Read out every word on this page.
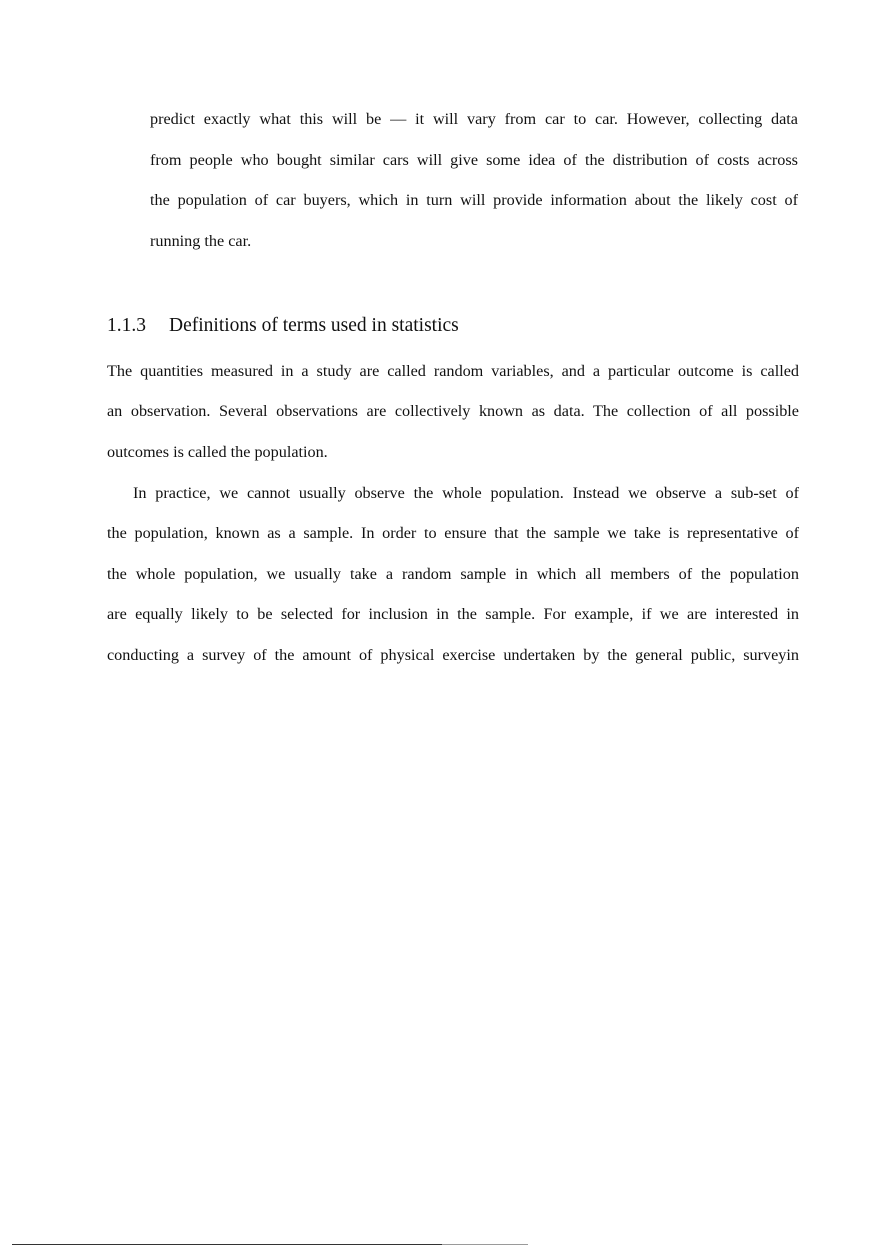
predict exactly what this will be — it will vary from car to car. However, collecting data
from people who bought similar cars will give some idea of the distribution of costs across
the population of car buyers, which in turn will provide information about the likely cost of
running the car.
1.1.3 Definitions of terms used in statistics
The quantities measured in a study are called random variables, and a particular outcome is called
an observation. Several observations are collectively known as data. The collection of all possible
outcomes is called the population.
In practice, we cannot usually observe the whole population. Instead we observe a sub-set of
the population, known as a sample. In order to ensure that the sample we take is representative of
the whole population, we usually take a random sample in which all members of the population
are equally likely to be selected for inclusion in the sample. For example, if we are interested in
conducting a survey of the amount of physical exercise undertaken by the general public, surveyin
